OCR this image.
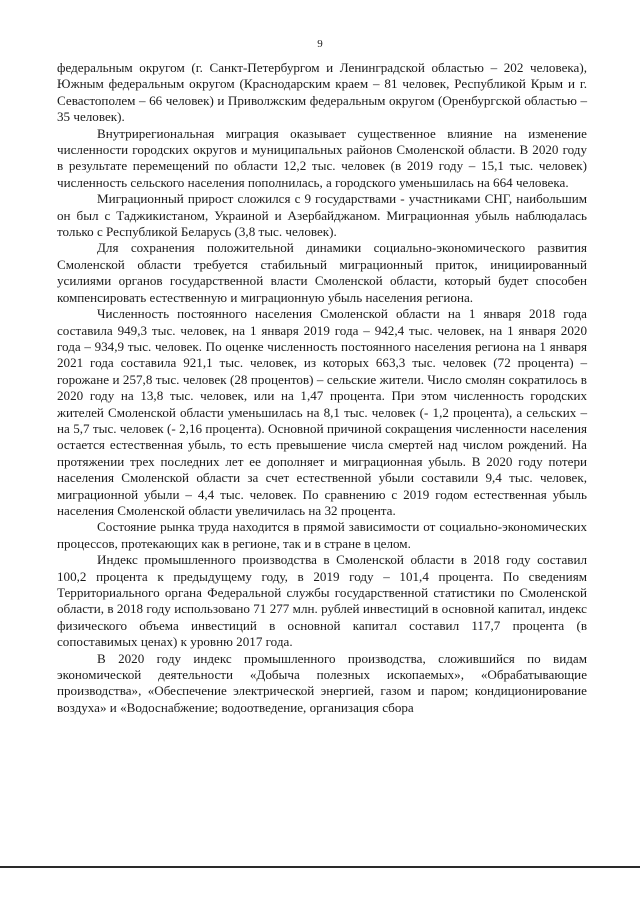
9

федеральным округом (г. Санкт-Петербургом и Ленинградской областью – 202 человека), Южным федеральным округом (Краснодарским краем – 81 человек, Республикой Крым и г. Севастополем – 66 человек) и Приволжским федеральным округом (Оренбургской областью – 35 человек).

Внутрирегиональная миграция оказывает существенное влияние на изменение численности городских округов и муниципальных районов Смоленской области. В 2020 году в результате перемещений по области 12,2 тыс. человек (в 2019 году – 15,1 тыс. человек) численность сельского населения пополнилась, а городского уменьшилась на 664 человека.

Миграционный прирост сложился с 9 государствами - участниками СНГ, наибольшим он был с Таджикистаном, Украиной и Азербайджаном. Миграционная убыль наблюдалась только с Республикой Беларусь (3,8 тыс. человек).

Для сохранения положительной динамики социально-экономического развития Смоленской области требуется стабильный миграционный приток, инициированный усилиями органов государственной власти Смоленской области, который будет способен компенсировать естественную и миграционную убыль населения региона.

Численность постоянного населения Смоленской области на 1 января 2018 года составила 949,3 тыс. человек, на 1 января 2019 года – 942,4 тыс. человек, на 1 января 2020 года – 934,9 тыс. человек. По оценке численность постоянного населения региона на 1 января 2021 года составила 921,1 тыс. человек, из которых 663,3 тыс. человек (72 процента) – горожане и 257,8 тыс. человек (28 процентов) – сельские жители. Число смолян сократилось в 2020 году на 13,8 тыс. человек, или на 1,47 процента. При этом численность городских жителей Смоленской области уменьшилась на 8,1 тыс. человек (- 1,2 процента), а сельских – на 5,7 тыс. человек (- 2,16 процента). Основной причиной сокращения численности населения остается естественная убыль, то есть превышение числа смертей над числом рождений. На протяжении трех последних лет ее дополняет и миграционная убыль. В 2020 году потери населения Смоленской области за счет естественной убыли составили 9,4 тыс. человек, миграционной убыли – 4,4 тыс. человек. По сравнению с 2019 годом естественная убыль населения Смоленской области увеличилась на 32 процента.

Состояние рынка труда находится в прямой зависимости от социально-экономических процессов, протекающих как в регионе, так и в стране в целом.

Индекс промышленного производства в Смоленской области в 2018 году составил 100,2 процента к предыдущему году, в 2019 году – 101,4 процента. По сведениям Территориального органа Федеральной службы государственной статистики по Смоленской области, в 2018 году использовано 71 277 млн. рублей инвестиций в основной капитал, индекс физического объема инвестиций в основной капитал составил 117,7 процента (в сопоставимых ценах) к уровню 2017 года.

В 2020 году индекс промышленного производства, сложившийся по видам экономической деятельности «Добыча полезных ископаемых», «Обрабатывающие производства», «Обеспечение электрической энергией, газом и паром; кондиционирование воздуха» и «Водоснабжение; водоотведение, организация сбора
